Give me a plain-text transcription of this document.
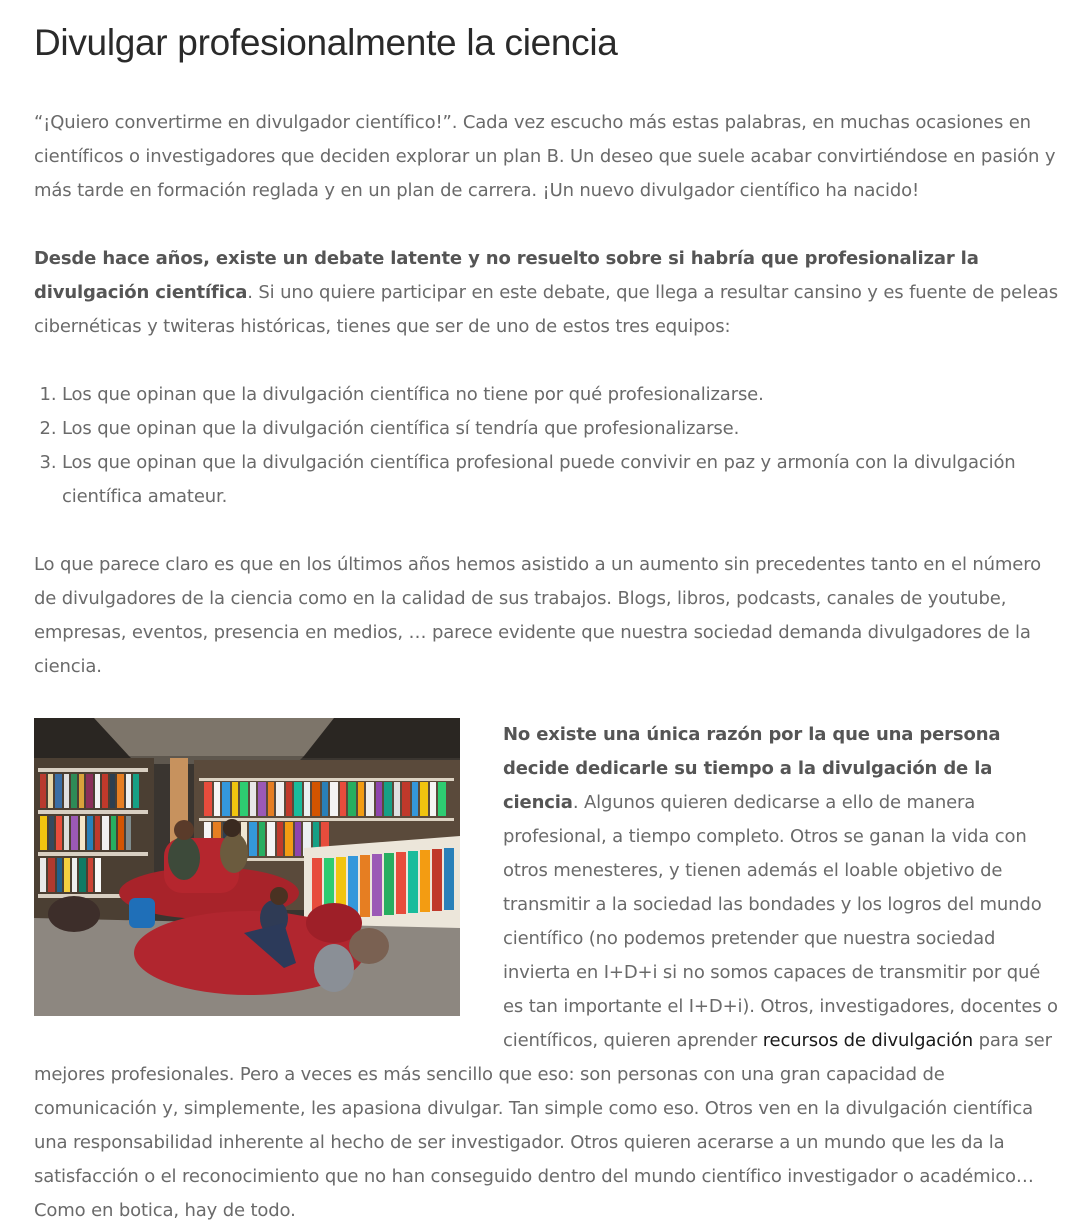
Divulgar profesionalmente la ciencia

“¡Quiero convertirme en divulgador científico!”. Cada vez escucho más estas palabras, en muchas ocasiones en científicos o investigadores que deciden explorar un plan B. Un deseo que suele acabar convirtiéndose en pasión y más tarde en formación reglada y en un plan de carrera. ¡Un nuevo divulgador científico ha nacido!

Desde hace años, existe un debate latente y no resuelto sobre si habría que profesionalizar la divulgación científica. Si uno quiere participar en este debate, que llega a resultar cansino y es fuente de peleas cibernéticas y twiteras históricas, tienes que ser de uno de estos tres equipos:

1. Los que opinan que la divulgación científica no tiene por qué profesionalizarse.
2. Los que opinan que la divulgación científica sí tendría que profesionalizarse.
3. Los que opinan que la divulgación científica profesional puede convivir en paz y armonía con la divulgación científica amateur.

Lo que parece claro es que en los últimos años hemos asistido a un aumento sin precedentes tanto en el número de divulgadores de la ciencia como en la calidad de sus trabajos. Blogs, libros, podcasts, canales de youtube, empresas, eventos, presencia en medios, … parece evidente que nuestra sociedad demanda divulgadores de la ciencia.

No existe una única razón por la que una persona decide dedicarle su tiempo a la divulgación de la ciencia. Algunos quieren dedicarse a ello de manera profesional, a tiempo completo. Otros se ganan la vida con otros menesteres, y tienen además el loable objetivo de transmitir a la sociedad las bondades y los logros del mundo científico (no podemos pretender que nuestra sociedad invierta en I+D+i si no somos capaces de transmitir por qué es tan importante el I+D+i). Otros, investigadores, docentes o científicos, quieren aprender recursos de divulgación para ser mejores profesionales. Pero a veces es más sencillo que eso: son personas con una gran capacidad de comunicación y, simplemente, les apasiona divulgar. Tan simple como eso. Otros ven en la divulgación científica una responsabilidad inherente al hecho de ser investigador. Otros quieren acerarse a un mundo que les da la satisfacción o el reconocimiento que no han conseguido dentro del mundo científico investigador o académico… Como en botica, hay de todo.
